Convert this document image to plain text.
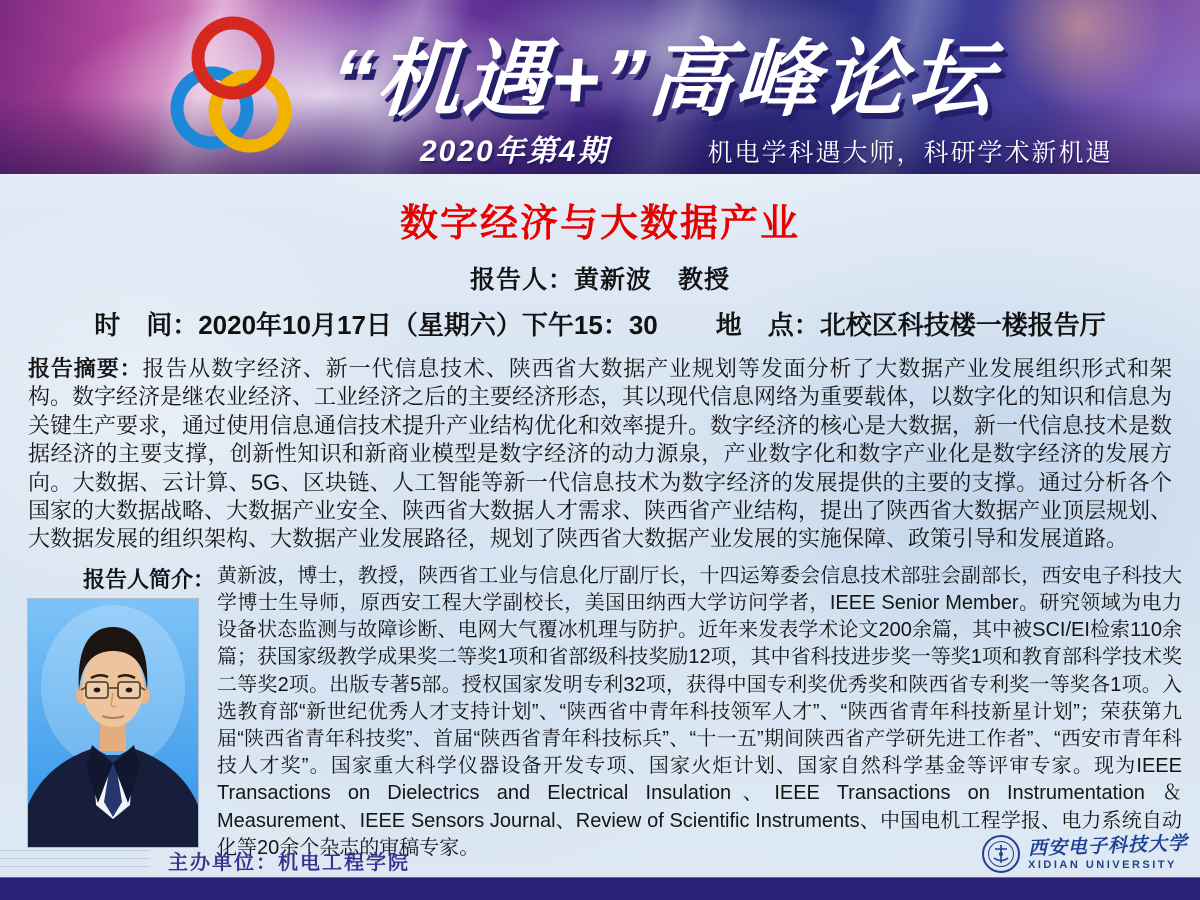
“机遇+”高峰论坛
2020年第4期	机电学科遇大师，科研学术新机遇
数字经济与大数据产业
报告人：黄新波　教授
时　间：2020年10月17日（星期六）下午15：30 地　点：北校区科技楼一楼报告厅

报告摘要：报告从数字经济、新一代信息技术、陕西省大数据产业规划等发面分析了大数据产业发展组织形式和架构。数字经济是继农业经济、工业经济之后的主要经济形态，其以现代信息网络为重要载体，以数字化的知识和信息为关键生产要求，通过使用信息通信技术提升产业结构优化和效率提升。数字经济的核心是大数据，新一代信息技术是数据经济的主要支撑，创新性知识和新商业模型是数字经济的动力源泉，产业数字化和数字产业化是数字经济的发展方向。大数据、云计算、5G、区块链、人工智能等新一代信息技术为数字经济的发展提供的主要的支撑。通过分析各个国家的大数据战略、大数据产业安全、陕西省大数据人才需求、陕西省产业结构，提出了陕西省大数据产业顶层规划、大数据发展的组织架构、大数据产业发展路径，规划了陕西省大数据产业发展的实施保障、政策引导和发展道路。

报告人简介： 黄新波，博士，教授，陕西省工业与信息化厅副厅长，十四运筹委会信息技术部驻会副部长，西安电子科技大学博士生导师，原西安工程大学副校长，美国田纳西大学访问学者，IEEE Senior Member。研究领域为电力设备状态监测与故障诊断、电网大气覆冰机理与防护。近年来发表学术论文200余篇，其中被SCI/EI检索110余篇；获国家级教学成果奖二等奖1项和省部级科技奖励12项，其中省科技进步奖一等奖1项和教育部科学技术奖二等奖2项。出版专著5部。授权国家发明专利32项，获得中国专利奖优秀奖和陕西省专利奖一等奖各1项。入选教育部“新世纪优秀人才支持计划”、“陕西省中青年科技领军人才”、“陕西省青年科技新星计划”；荣获第九届“陕西省青年科技奖”、首届“陕西省青年科技标兵”、“十一五”期间陕西省产学研先进工作者”、“西安市青年科技人才奖”。国家重大科学仪器设备开发专项、国家火炬计划、国家自然科学基金等评审专家。现为IEEE Transactions on Dielectrics and Electrical Insulation、IEEE Transactions on Instrumentation ＆ Measurement、IEEE Sensors Journal、Review of Scientific Instruments、中国电机工程学报、电力系统自动化等20余个杂志的审稿专家。

主办单位：机电工程学院
西安电子科技大学
XIDIAN UNIVERSITY
